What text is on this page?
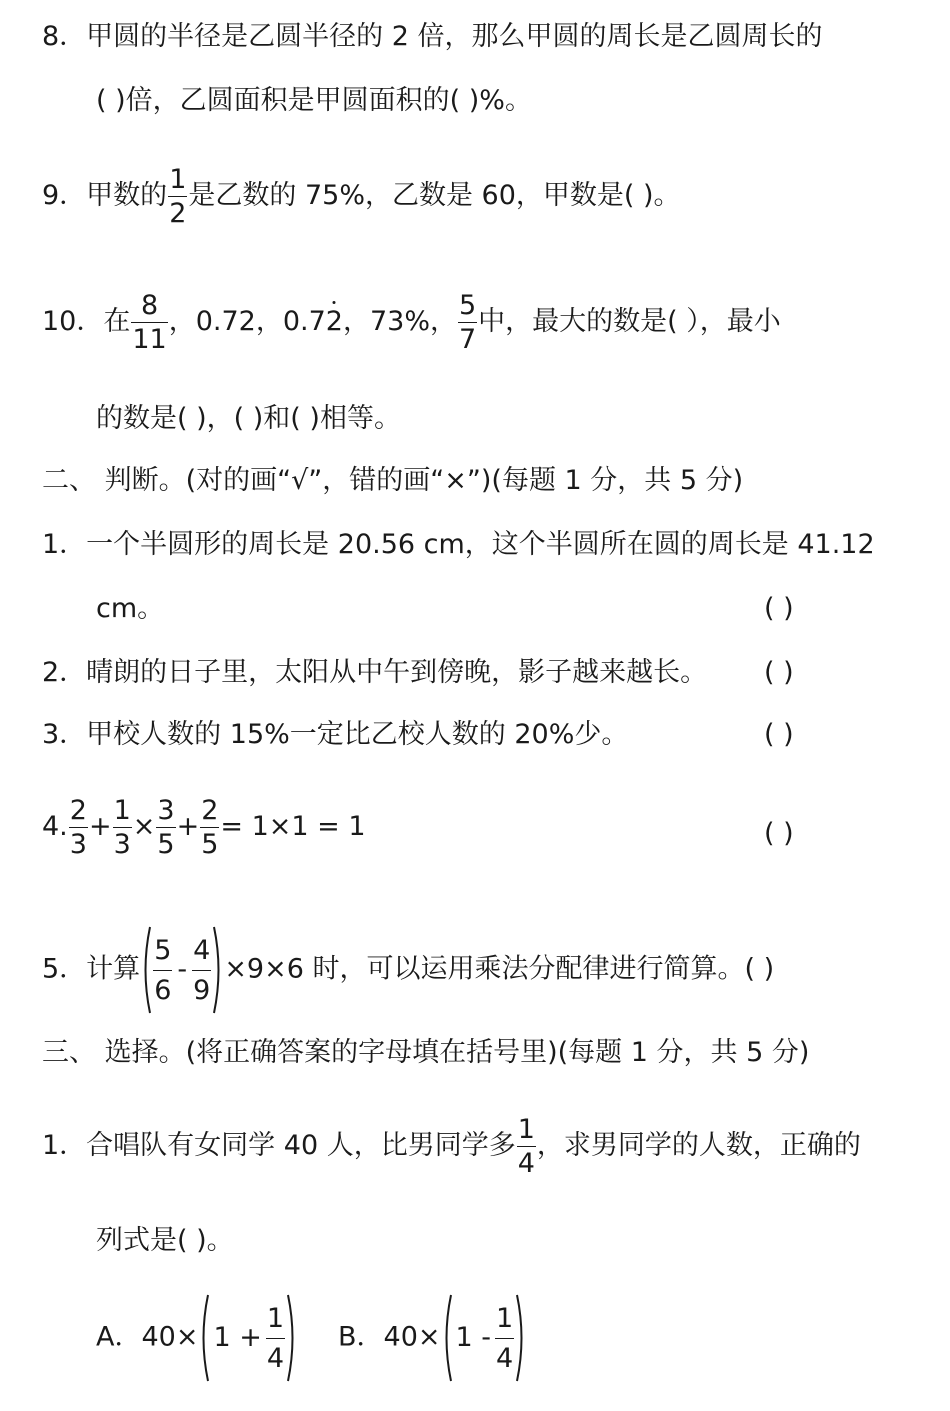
8．甲圆的半径是乙圆半径的 2 倍，那么甲圆的周长是乙圆周长的
( )倍，乙圆面积是甲圆面积的( )%。
9．甲数的 $\frac{1}{2}$ 是乙数的 75%，乙数是 60，甲数是( )。
10．在 $\frac{8}{11}$ ，0.72，0.72，73%， $\frac{5}{7}$ 中，最大的数是( ），最小
的数是( )，( )和( )相等。
二、 判断。(对的画“√”，错的画“×”)(每题 1 分，共 5 分)
1．一个半圆形的周长是 20.56 cm，这个半圆所在圆的周长是 41.12
cm。	( )
2．晴朗的日子里，太阳从中午到傍晚，影子越来越长。 ( )
3．甲校人数的 15%一定比乙校人数的 20%少。	( )
4. $\frac{2}{3} + \frac{1}{3} \times \frac{3}{5} + \frac{2}{5} = 1\times 1 = 1$	( )
5．计算 $\frac{5}{6} - \frac{4}{9} \times 9\times 6$ 时，可以运用乘法分配律进行简算。( )
三、 选择。(将正确答案的字母填在括号里)(每题 1 分，共 5 分)
1．合唱队有女同学 40 人，比男同学多 $\frac{1}{4}$ ，求男同学的人数，正确的
列式是( )。
A．$40\times 1 + \frac{1}{4}$ B．$40\times 1 - \frac{1}{4}$
